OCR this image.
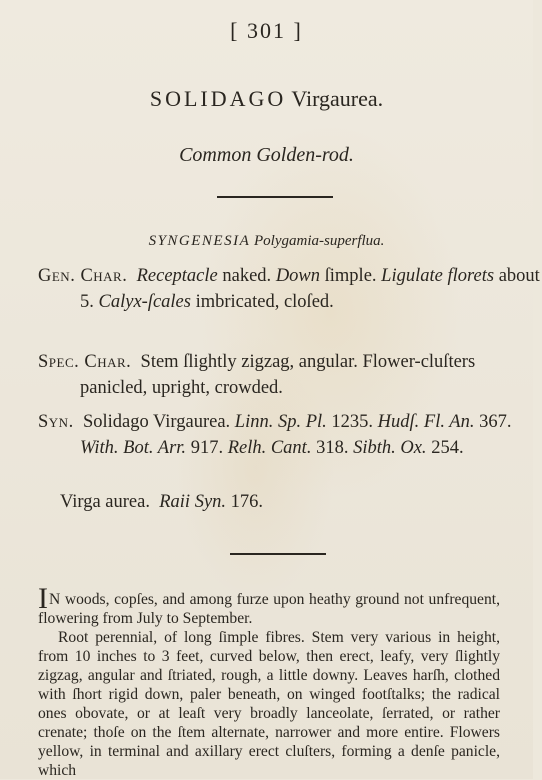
[ 301 ]
SOLIDAGO Virgaurea.
Common Golden-rod.
SYNGENESIA Polygamia-superflua.
Gen. Char. Receptacle naked. Down ſimple. Ligulate florets about 5. Calyx-ſcales imbricated, cloſed.
Spec. Char. Stem ſlightly zigzag, angular. Flower-cluſters panicled, upright, crowded.
Syn. Solidago Virgaurea. Linn. Sp. Pl. 1235. Hudſ. Fl. An. 367. With. Bot. Arr. 917. Relh. Cant. 318. Sibth. Ox. 254.
Virga aurea. Raii Syn. 176.

IN woods, copſes, and among furze upon heathy ground not unfrequent, flowering from July to September.

Root perennial, of long ſimple fibres. Stem very various in height, from 10 inches to 3 feet, curved below, then erect, leafy, very ſlightly zigzag, angular and ſtriated, rough, a little downy. Leaves harſh, clothed with ſhort rigid down, paler beneath, on winged footſtalks; the radical ones obovate, or at leaſt very broadly lanceolate, ſerrated, or rather crenate; thoſe on the ſtem alternate, narrower and more entire. Flowers yellow, in terminal and axillary erect cluſters, forming a denſe panicle, which
